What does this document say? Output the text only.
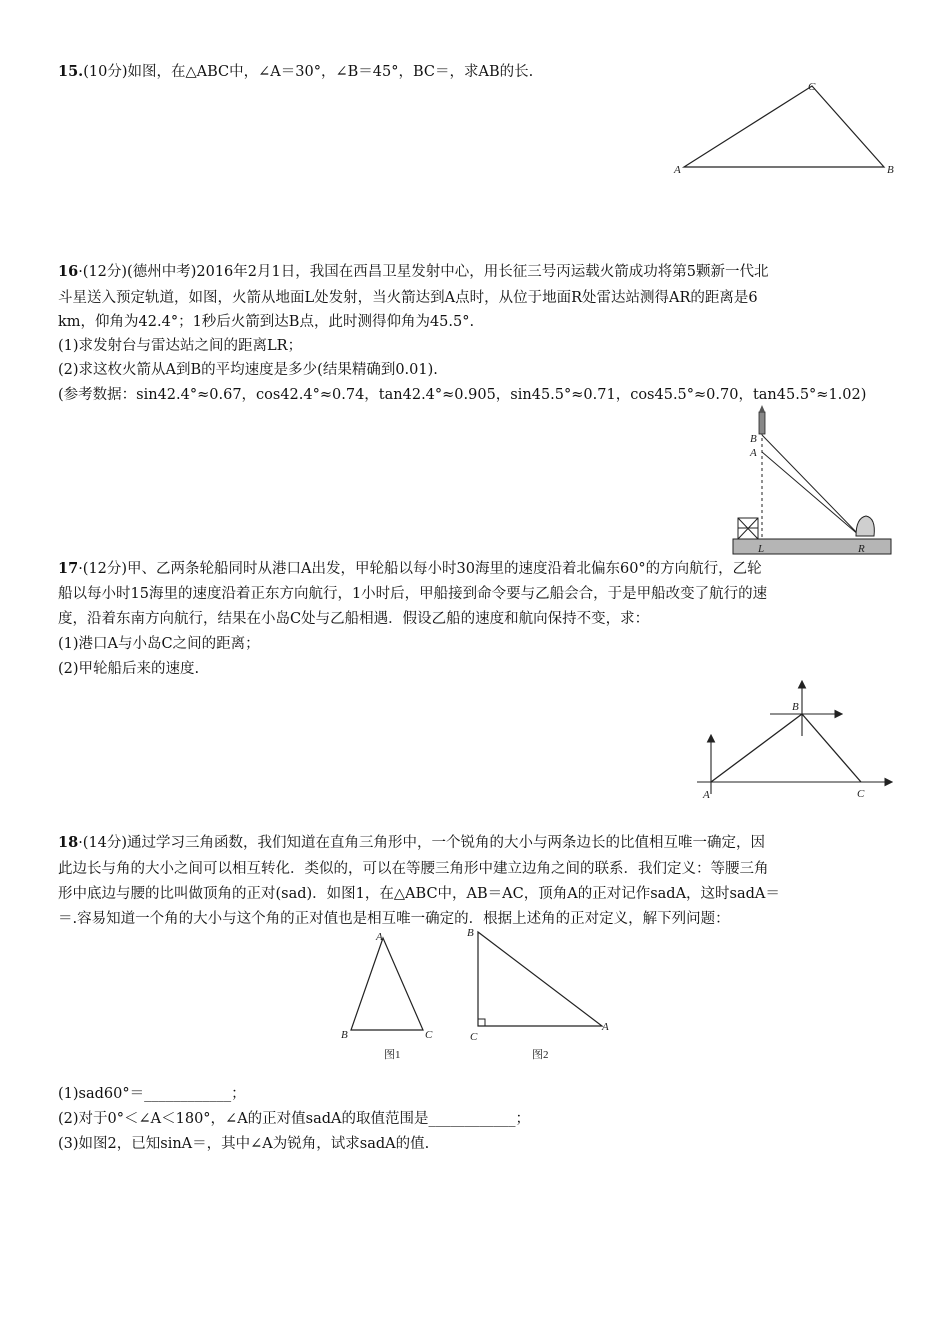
15.(10分)如图，在△ABC中，∠A＝30°，∠B＝45°，BC＝，求AB的长.
A
C
B
16·(12分)(德州中考)2016年2月1日，我国在西昌卫星发射中心，用长征三号丙运载火箭成功将第5颗新一代北
斗星送入预定轨道，如图，火箭从地面L处发射，当火箭达到A点时，从位于地面R处雷达站测得AR的距离是6
km，仰角为42.4°；1秒后火箭到达B点，此时测得仰角为45.5°.
(1)求发射台与雷达站之间的距离LR；
(2)求这枚火箭从A到B的平均速度是多少(结果精确到0.01).
(参考数据：sin42.4°≈0.67，cos42.4°≈0.74，tan42.4°≈0.905，sin45.5°≈0.71，cos45.5°≈0.70，tan45.5°≈1.02)
B
A
L	R
17·(12分)甲、乙两条轮船同时从港口A出发，甲轮船以每小时30海里的速度沿着北偏东60°的方向航行，乙轮
船以每小时15海里的速度沿着正东方向航行，1小时后，甲船接到命令要与乙船会合，于是甲船改变了航行的速
度，沿着东南方向航行，结果在小岛C处与乙船相遇．假设乙船的速度和航向保持不变，求：
(1)港口A与小岛C之间的距离；
(2)甲轮船后来的速度.
A
B
C
18·(14分)通过学习三角函数，我们知道在直角三角形中，一个锐角的大小与两条边长的比值相互唯一确定，因
此边长与角的大小之间可以相互转化．类似的，可以在等腰三角形中建立边角之间的联系．我们定义：等腰三角
形中底边与腰的比叫做顶角的正对(sad)．如图1，在△ABC中，AB＝AC，顶角A的正对记作sadA，这时sadA＝
＝.容易知道一个角的大小与这个角的正对值也是相互唯一确定的．根据上述角的正对定义，解下列问题：
A
B	C
图1
B
C
A
图2
(1)sad60°＝____________；
(2)对于0°＜∠A＜180°，∠A的正对值sadA的取值范围是____________；
(3)如图2，已知sinA＝，其中∠A为锐角，试求sadA的值.
